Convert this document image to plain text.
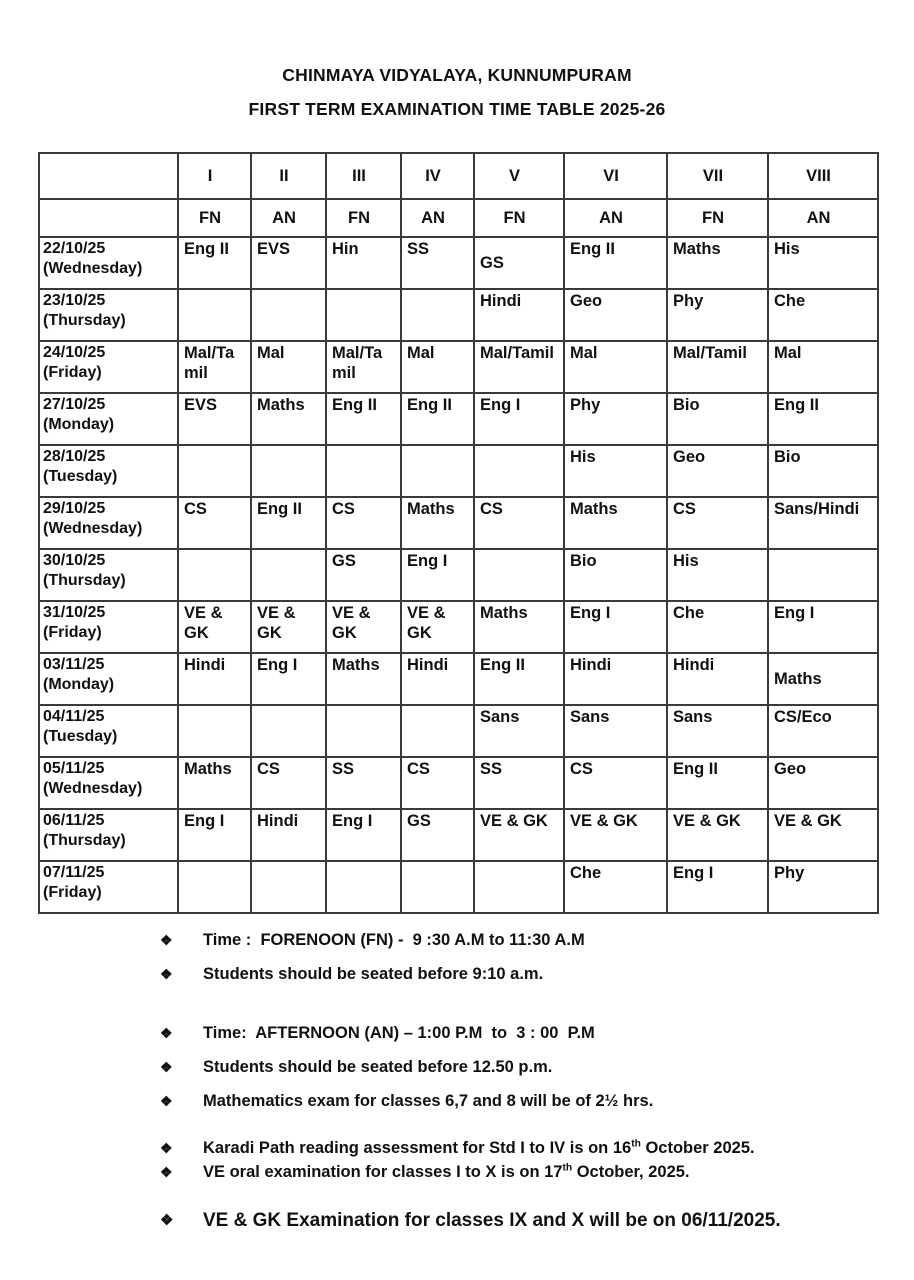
CHINMAYA VIDYALAYA, KUNNUMPURAM
FIRST TERM EXAMINATION TIME TABLE 2025-26
	I	II	III	IV	V	VI	VII	VIII
	FN	AN	FN	AN	FN	AN	FN	AN

22/10/25
(Wednesday)	Eng II	EVS	Hin	SS	GS	Eng II	Maths	His

23/10/25
(Thursday)					Hindi	Geo	Phy	Che

24/10/25
(Friday)	Mal/Tamil	Mal	Mal/Tamil	Mal	Mal/Tamil	Mal	Mal/Tamil	Mal

27/10/25
(Monday)	EVS	Maths	Eng II	Eng II	Eng I	Phy	Bio	Eng II

28/10/25
(Tuesday)						His	Geo	Bio

29/10/25
(Wednesday)	CS	Eng II	CS	Maths	CS	Maths	CS	Sans/Hindi

30/10/25
(Thursday)			GS	Eng I		Bio	His	

31/10/25
(Friday)	VE & GK	VE & GK	VE & GK	VE & GK	Maths	Eng I	Che	Eng I

03/11/25
(Monday)	Hindi	Eng I	Maths	Hindi	Eng II	Hindi	Hindi	Maths

04/11/25
(Tuesday)					Sans	Sans	Sans	CS/Eco

05/11/25
(Wednesday)	Maths	CS	SS	CS	SS	CS	Eng II	Geo

06/11/25
(Thursday)	Eng I	Hindi	Eng I	GS	VE & GK	VE & GK	VE & GK	VE & GK

07/11/25
(Friday)						Che	Eng I	Phy
❖	Time :  FORENOON (FN) -  9 :30 A.M to 11:30 A.M
❖	Students should be seated before 9:10 a.m.
❖	Time:  AFTERNOON (AN) – 1:00 P.M  to  3 : 00  P.M
❖	Students should be seated before 12.50 p.m.
❖	Mathematics exam for classes 6,7 and 8 will be of 2½ hrs.
❖	Karadi Path reading assessment for Std I to IV is on 16th October 2025.
❖	VE oral examination for classes I to X is on 17th October, 2025.
❖	VE & GK Examination for classes IX and X will be on 06/11/2025.
